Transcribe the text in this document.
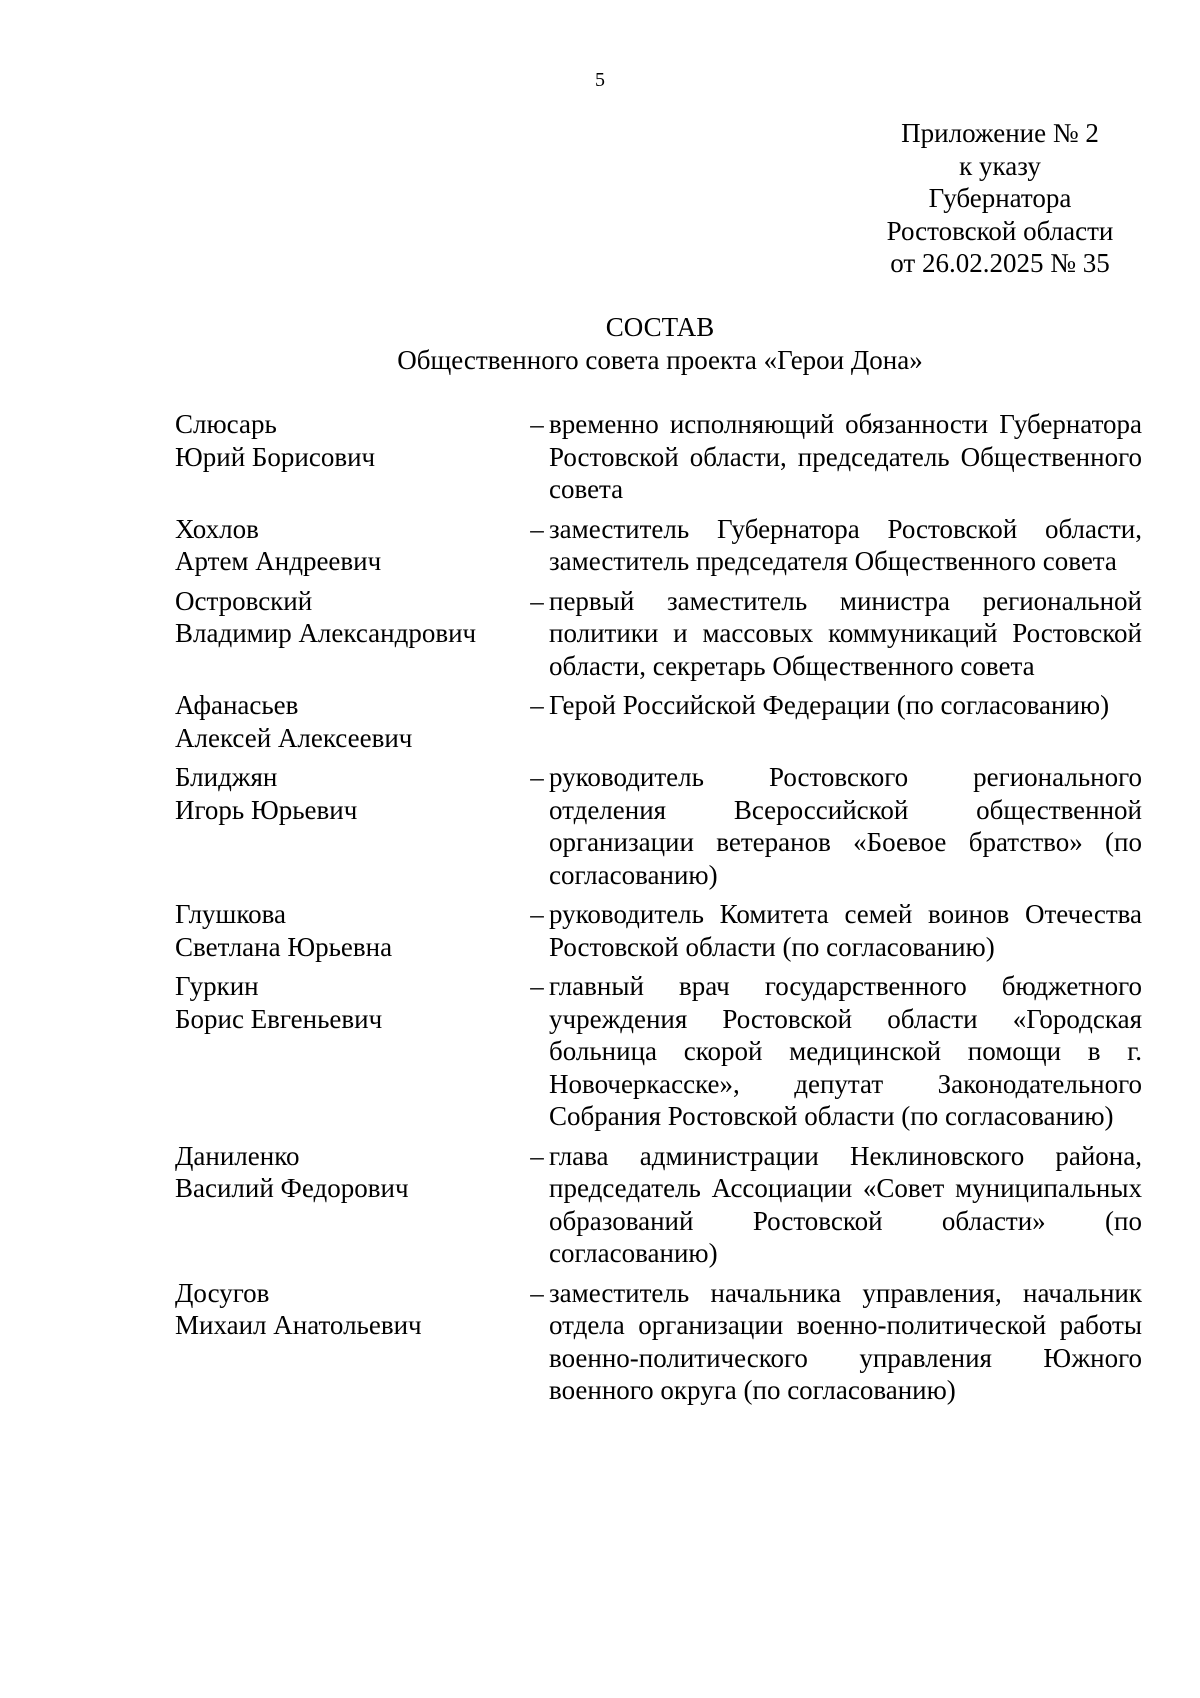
5
Приложение № 2
к указу
Губернатора
Ростовской области
от 26.02.2025 № 35
СОСТАВ
Общественного совета проекта «Герои Дона»
Слюсарь
Юрий Борисович
– временно исполняющий обязанности Губернатора Ростовской области, председатель Общественного совета
Хохлов
Артем Андреевич
– заместитель Губернатора Ростовской области, заместитель председателя Общественного совета
Островский
Владимир Александрович
– первый заместитель министра региональной политики и массовых коммуникаций Ростовской области, секретарь Общественного совета
Афанасьев
Алексей Алексеевич
– Герой Российской Федерации (по согласованию)
Блиджян
Игорь Юрьевич
– руководитель Ростовского регионального отделения Всероссийской общественной организации ветеранов «Боевое братство» (по согласованию)
Глушкова
Светлана Юрьевна
– руководитель Комитета семей воинов Отечества Ростовской области (по согласованию)
Гуркин
Борис Евгеньевич
– главный врач государственного бюджетного учреждения Ростовской области «Городская больница скорой медицинской помощи в г. Новочеркасске», депутат Законодательного Собрания Ростовской области (по согласованию)
Даниленко
Василий Федорович
– глава администрации Неклиновского района, председатель Ассоциации «Совет муниципальных образований Ростовской области» (по согласованию)
Досугов
Михаил Анатольевич
– заместитель начальника управления, начальник отдела организации военно-политической работы военно-политического управления Южного военного округа (по согласованию)
